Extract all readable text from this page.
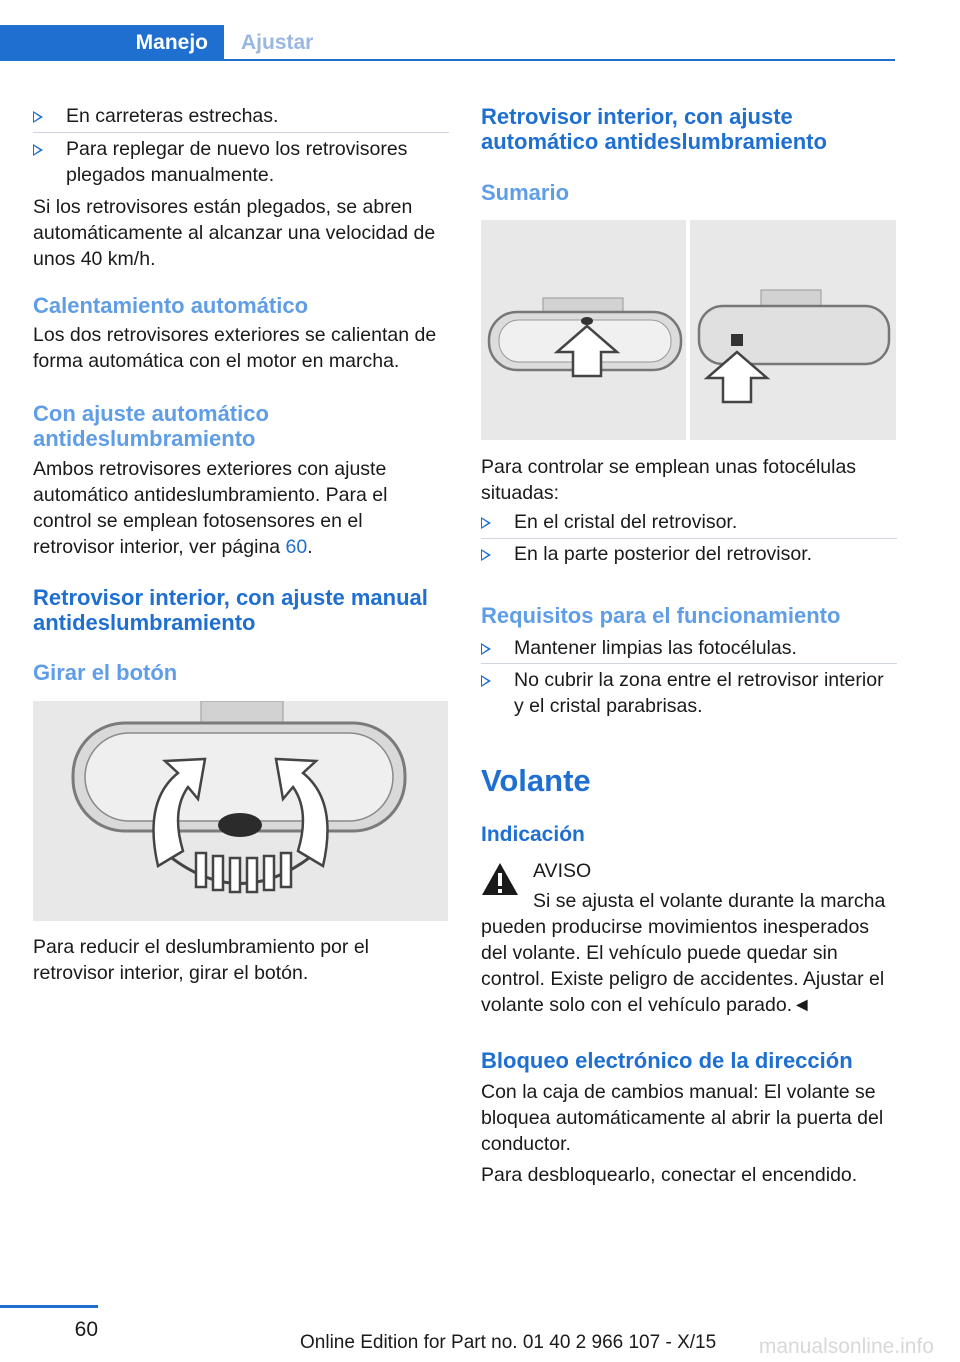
Manejo Ajustar
En carreteras estrechas.
Para replegar de nuevo los retrovisores plegados manualmente.
Si los retrovisores están plegados, se abren automáticamente al alcanzar una velocidad de unos 40 km/h.
Calentamiento automático
Los dos retrovisores exteriores se calientan de forma automática con el motor en marcha.
Con ajuste automático antideslumbramiento
Ambos retrovisores exteriores con ajuste automático antideslumbramiento. Para el control se emplean fotosensores en el retrovisor interior, ver página 60.
Retrovisor interior, con ajuste manual antideslumbramiento
Girar el botón
Para reducir el deslumbramiento por el retrovisor interior, girar el botón.
Retrovisor interior, con ajuste automático antideslumbramiento
Sumario
Para controlar se emplean unas fotocélulas situadas:
En el cristal del retrovisor.
En la parte posterior del retrovisor.
Requisitos para el funcionamiento
Mantener limpias las fotocélulas.
No cubrir la zona entre el retrovisor interior y el cristal parabrisas.
Volante
Indicación
AVISO
Si se ajusta el volante durante la marcha pueden producirse movimientos inesperados del volante. El vehículo puede quedar sin control. Existe peligro de accidentes. Ajustar el volante solo con el vehículo parado.◄
Bloqueo electrónico de la dirección
Con la caja de cambios manual: El volante se bloquea automáticamente al abrir la puerta del conductor.
Para desbloquearlo, conectar el encendido.
60
Online Edition for Part no. 01 40 2 966 107 - X/15 manualsonline.info
